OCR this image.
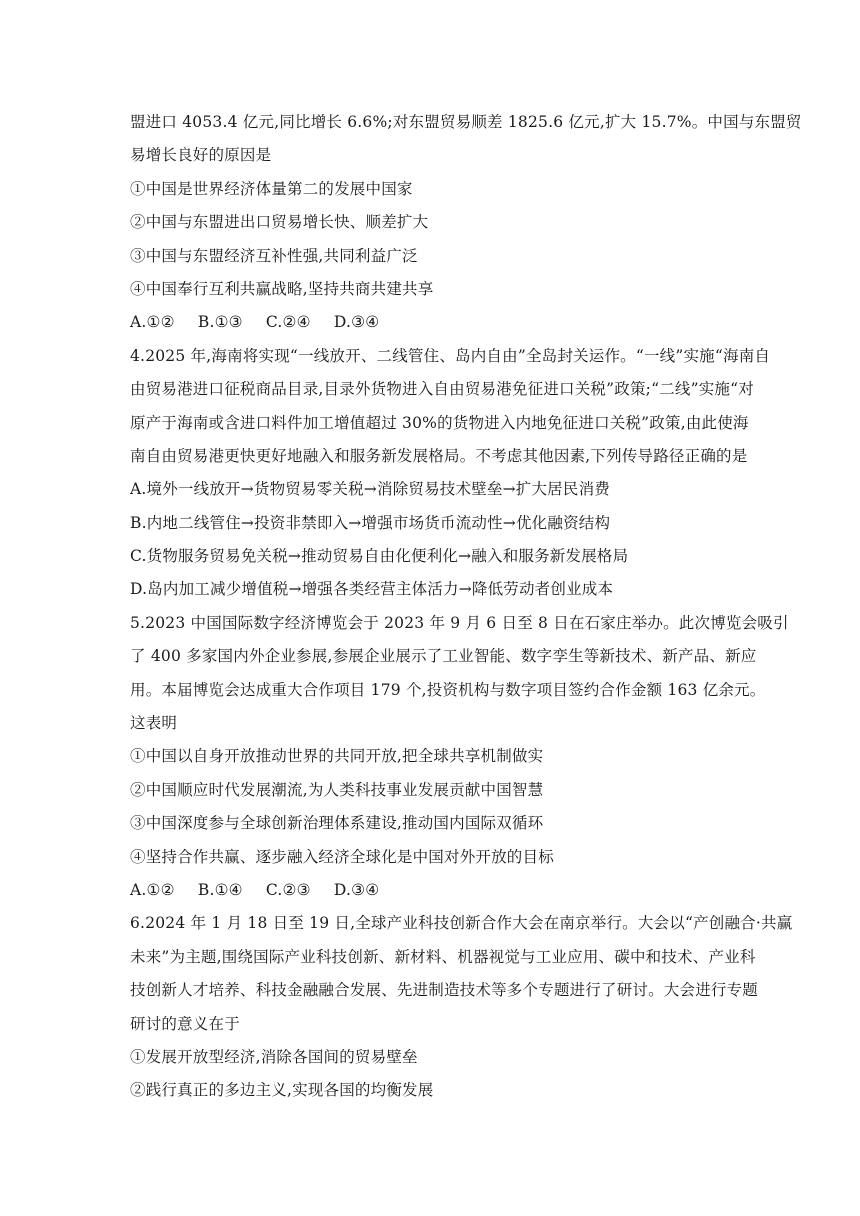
盟进口 4053.4 亿元,同比增长 6.6%;对东盟贸易顺差 1825.6 亿元,扩大 15.7%。中国与东盟贸
易增长良好的原因是
①中国是世界经济体量第二的发展中国家
②中国与东盟进出口贸易增长快、顺差扩大
③中国与东盟经济互补性强,共同利益广泛
④中国奉行互利共赢战略,坚持共商共建共享
A.①② B.①③ C.②④ D.③④
4.2025 年,海南将实现“一线放开、二线管住、岛内自由”全岛封关运作。“一线”实施“海南自
由贸易港进口征税商品目录,目录外货物进入自由贸易港免征进口关税”政策;“二线”实施“对
原产于海南或含进口料件加工增值超过 30%的货物进入内地免征进口关税”政策,由此使海
南自由贸易港更快更好地融入和服务新发展格局。不考虑其他因素,下列传导路径正确的是
A.境外一线放开→货物贸易零关税→消除贸易技术壁垒→扩大居民消费
B.内地二线管住→投资非禁即入→增强市场货币流动性→优化融资结构
C.货物服务贸易免关税→推动贸易自由化便利化→融入和服务新发展格局
D.岛内加工减少增值税→增强各类经营主体活力→降低劳动者创业成本
5.2023 中国国际数字经济博览会于 2023 年 9 月 6 日至 8 日在石家庄举办。此次博览会吸引
了 400 多家国内外企业参展,参展企业展示了工业智能、数字孪生等新技术、新产品、新应
用。本届博览会达成重大合作项目 179 个,投资机构与数字项目签约合作金额 163 亿余元。
这表明
①中国以自身开放推动世界的共同开放,把全球共享机制做实
②中国顺应时代发展潮流,为人类科技事业发展贡献中国智慧
③中国深度参与全球创新治理体系建设,推动国内国际双循环
④坚持合作共赢、逐步融入经济全球化是中国对外开放的目标
A.①② B.①④ C.②③ D.③④
6.2024 年 1 月 18 日至 19 日,全球产业科技创新合作大会在南京举行。大会以“产创融合·共赢
未来”为主题,围绕国际产业科技创新、新材料、机器视觉与工业应用、碳中和技术、产业科
技创新人才培养、科技金融融合发展、先进制造技术等多个专题进行了研讨。大会进行专题
研讨的意义在于
①发展开放型经济,消除各国间的贸易壁垒
②践行真正的多边主义,实现各国的均衡发展
